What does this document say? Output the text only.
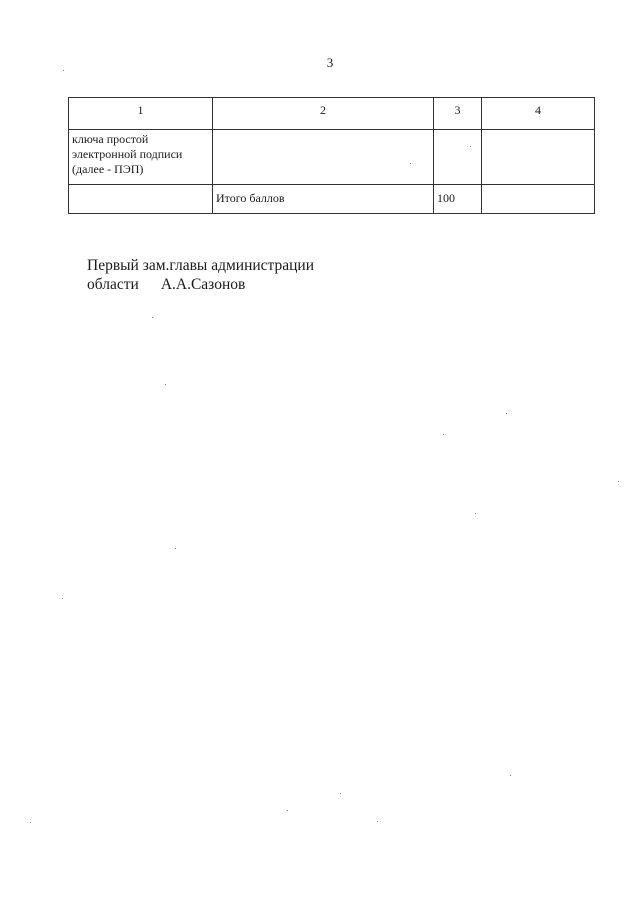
3
1	2	3	4
ключа простой электронной подписи (далее - ПЭП)			
	Итого баллов	100	
Первый зам.главы администрации
области А.А.Сазонов
